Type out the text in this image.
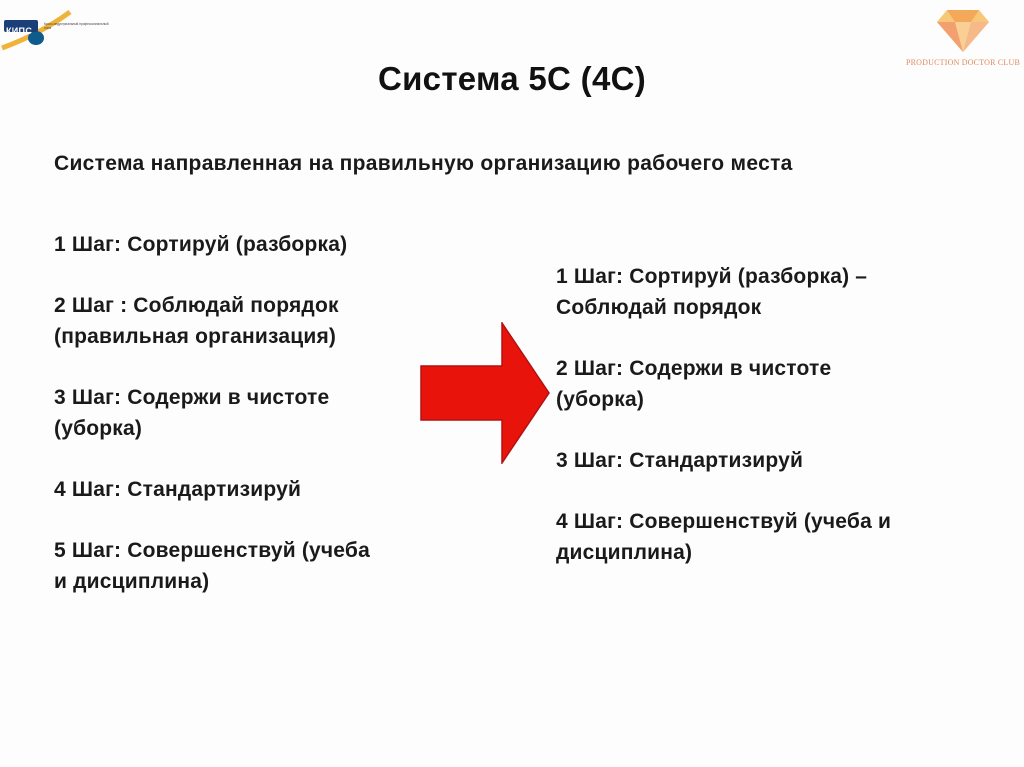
КИПС
Кросс-индустриальный профессиональный союз
PRODUCTION DOCTOR CLUB
Система 5С (4С)
Система направленная на правильную организацию рабочего места
1 Шаг: Сортируй (разборка)
2 Шаг : Соблюдай порядок
(правильная организация)
3 Шаг: Содержи в чистоте
(уборка)
4 Шаг: Стандартизируй
5 Шаг: Совершенствуй (учеба
и дисциплина)
1 Шаг: Сортируй (разборка) –
Соблюдай порядок
2 Шаг: Содержи в чистоте
(уборка)
3 Шаг: Стандартизируй
4 Шаг: Совершенствуй (учеба и
дисциплина)
